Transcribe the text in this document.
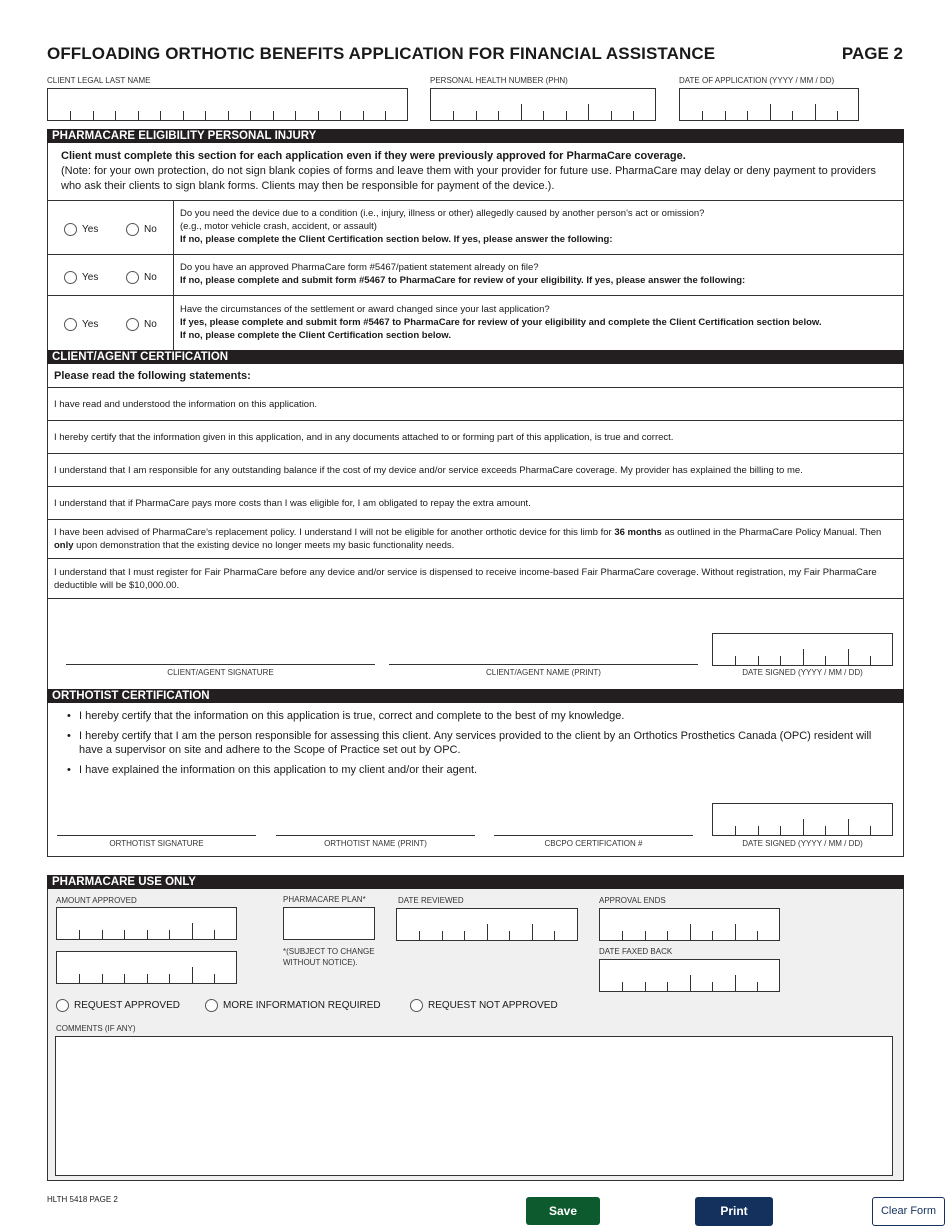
OFFLOADING ORTHOTIC BENEFITS APPLICATION FOR FINANCIAL ASSISTANCE	PAGE 2
CLIENT LEGAL LAST NAME	PERSONAL HEALTH NUMBER (PHN)	DATE OF APPLICATION (YYYY / MM / DD)
PHARMACARE ELIGIBILITY PERSONAL INJURY
Client must complete this section for each application even if they were previously approved for PharmaCare coverage.
(Note: for your own protection, do not sign blank copies of forms and leave them with your provider for future use. PharmaCare may delay or deny payment to providers who ask their clients to sign blank forms. Clients may then be responsible for payment of the device.).
Yes	No
Do you need the device due to a condition (i.e., injury, illness or other) allegedly caused by another person's act or omission?
(e.g., motor vehicle crash, accident, or assault)
If no, please complete the Client Certification section below. If yes, please answer the following:
Yes	No
Do you have an approved PharmaCare form #5467/patient statement already on file?
If no, please complete and submit form #5467 to PharmaCare for review of your eligibility. If yes, please answer the following:
Yes	No
Have the circumstances of the settlement or award changed since your last application?
If yes, please complete and submit form #5467 to PharmaCare for review of your eligibility and complete the Client Certification section below.
If no, please complete the Client Certification section below.
CLIENT/AGENT CERTIFICATION
Please read the following statements:
I have read and understood the information on this application.
I hereby certify that the information given in this application, and in any documents attached to or forming part of this application, is true and correct.
I understand that I am responsible for any outstanding balance if the cost of my device and/or service exceeds PharmaCare coverage. My provider has explained the billing to me.
I understand that if PharmaCare pays more costs than I was eligible for, I am obligated to repay the extra amount.
I have been advised of PharmaCare's replacement policy. I understand I will not be eligible for another orthotic device for this limb for 36 months as outlined in the PharmaCare Policy Manual. Then only upon demonstration that the existing device no longer meets my basic functionality needs.
I understand that I must register for Fair PharmaCare before any device and/or service is dispensed to receive income-based Fair PharmaCare coverage. Without registration, my Fair PharmaCare deductible will be $10,000.00.
CLIENT/AGENT SIGNATURE	CLIENT/AGENT NAME (PRINT)	DATE SIGNED (YYYY / MM / DD)
ORTHOTIST CERTIFICATION
• I hereby certify that the information on this application is true, correct and complete to the best of my knowledge.
• I hereby certify that I am the person responsible for assessing this client. Any services provided to the client by an Orthotics Prosthetics Canada (OPC) resident will have a supervisor on site and adhere to the Scope of Practice set out by OPC.
• I have explained the information on this application to my client and/or their agent.
ORTHOTIST SIGNATURE	ORTHOTIST NAME (PRINT)	CBCPO CERTIFICATION #	DATE SIGNED (YYYY / MM / DD)
PHARMACARE USE ONLY
AMOUNT APPROVED	PHARMACARE PLAN*
*(SUBJECT TO CHANGE WITHOUT NOTICE).
DATE REVIEWED	APPROVAL ENDS
DATE FAXED BACK
REQUEST APPROVED	MORE INFORMATION REQUIRED	REQUEST NOT APPROVED
COMMENTS (IF ANY)
HLTH 5418 PAGE 2
Save	Print	Clear Form
